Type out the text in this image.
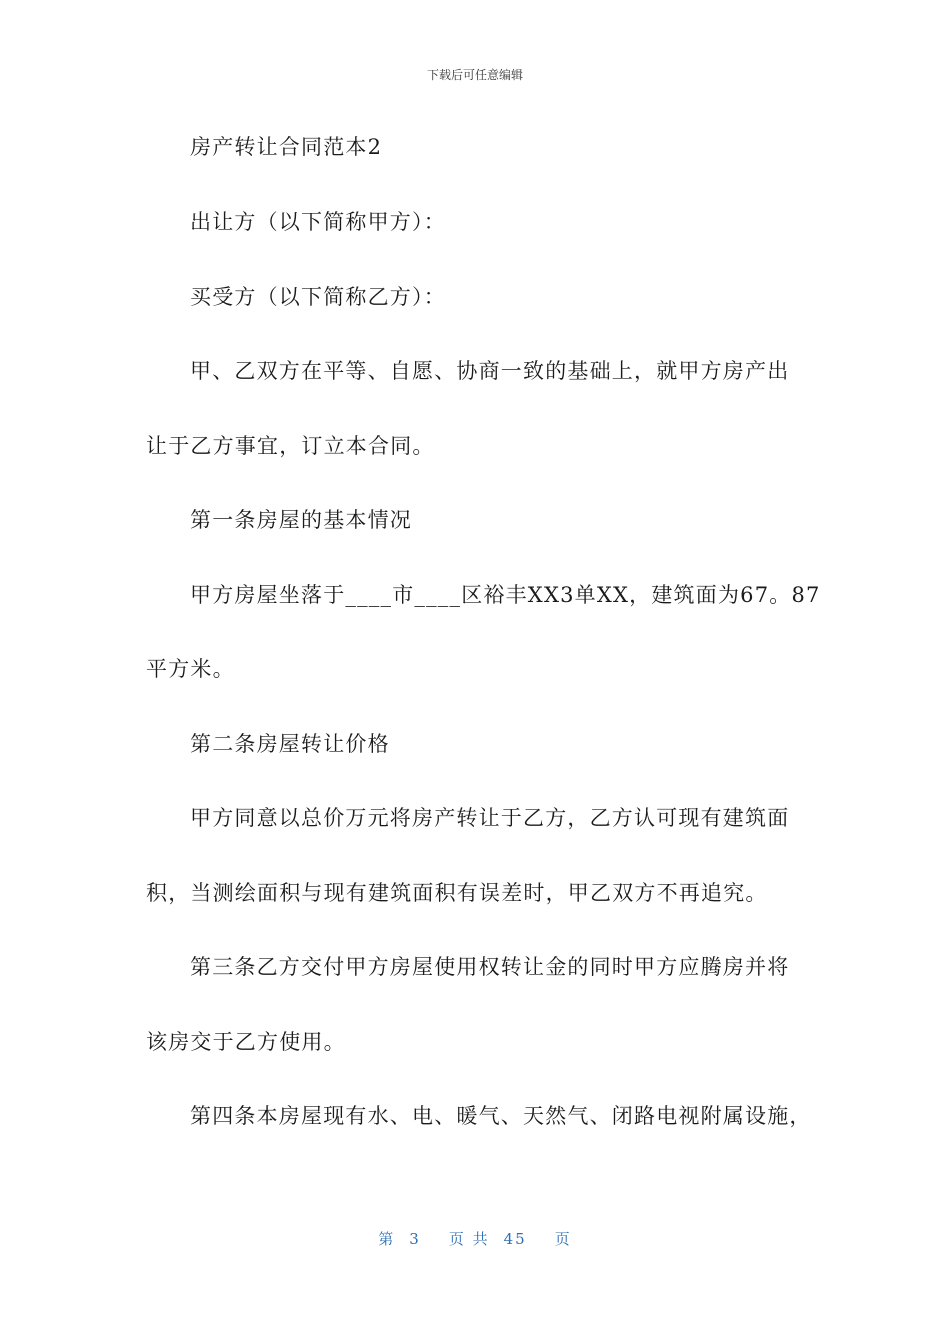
下载后可任意编辑
房产转让合同范本2
出让方（以下简称甲方）：
买受方（以下简称乙方）：
甲、乙双方在平等、自愿、协商一致的基础上，就甲方房产出
让于乙方事宜，订立本合同。
第一条房屋的基本情况
甲方房屋坐落于____市____区裕丰XX3单XX，建筑面为67。87
平方米。
第二条房屋转让价格
甲方同意以总价万元将房产转让于乙方，乙方认可现有建筑面
积，当测绘面积与现有建筑面积有误差时，甲乙双方不再追究。
第三条乙方交付甲方房屋使用权转让金的同时甲方应腾房并将
该房交于乙方使用。
第四条本房屋现有水、电、暖气、天然气、闭路电视附属设施，
第 3 页 共 45 页
